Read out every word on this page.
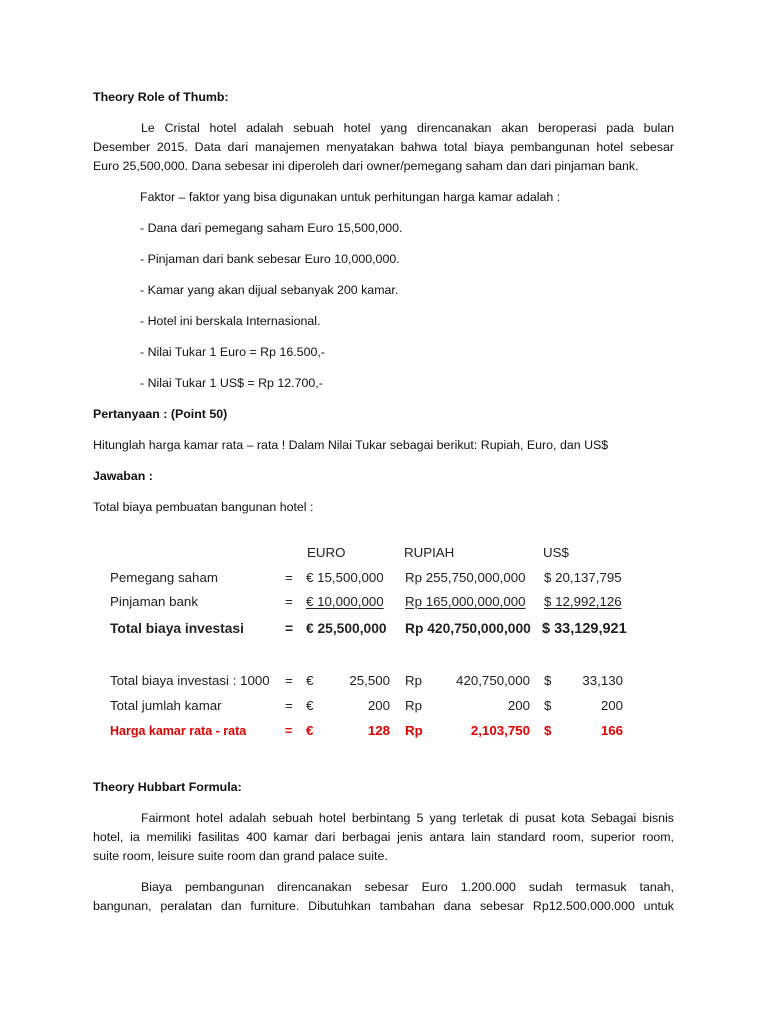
Theory Role of Thumb:

Le Cristal hotel adalah sebuah hotel yang direncanakan akan beroperasi pada bulan

Desember 2015. Data dari manajemen menyatakan bahwa total biaya pembangunan hotel sebesar

Euro 25,500,000. Dana sebesar ini diperoleh dari owner/pemegang saham dan dari pinjaman bank.

Faktor – faktor yang bisa digunakan untuk perhitungan harga kamar adalah :

- Dana dari pemegang saham Euro 15,500,000.

- Pinjaman dari bank sebesar Euro 10,000,000.

- Kamar yang akan dijual sebanyak 200 kamar.

- Hotel ini berskala Internasional.

- Nilai Tukar 1 Euro = Rp 16.500,-

- Nilai Tukar 1 US$ = Rp 12.700,-

Pertanyaan : (Point 50)

Hitunglah harga kamar rata – rata ! Dalam Nilai Tukar sebagai berikut: Rupiah, Euro, dan US$

Jawaban :

Total biaya pembuatan bangunan hotel :

EURO	RUPIAH	US$
Pemegang saham	= € 15,500,000 Rp 255,750,000,000 $ 20,137,795
Pinjaman bank	= € 10,000,000 Rp 165,000,000,000 $ 12,992,126
Total biaya investasi	= € 25,500,000 Rp 420,750,000,000 $ 33,129,921
Total biaya investasi : 1000 = €	25,500 Rp	420,750,000 $	33,130
Total jumlah kamar	= €	200 Rp	200 $	200
Harga kamar rata - rata	= €	128 Rp	2,103,750 $	166

Theory Hubbart Formula:

Fairmont hotel adalah sebuah hotel berbintang 5 yang terletak di pusat kota Sebagai bisnis

hotel, ia memiliki fasilitas 400 kamar dari berbagai jenis antara lain standard room, superior room,

suite room, leisure suite room dan grand palace suite.

Biaya pembangunan direncanakan sebesar Euro 1.200.000 sudah termasuk tanah,

bangunan, peralatan dan furniture. Dibutuhkan tambahan dana sebesar Rp12.500.000.000 untuk
